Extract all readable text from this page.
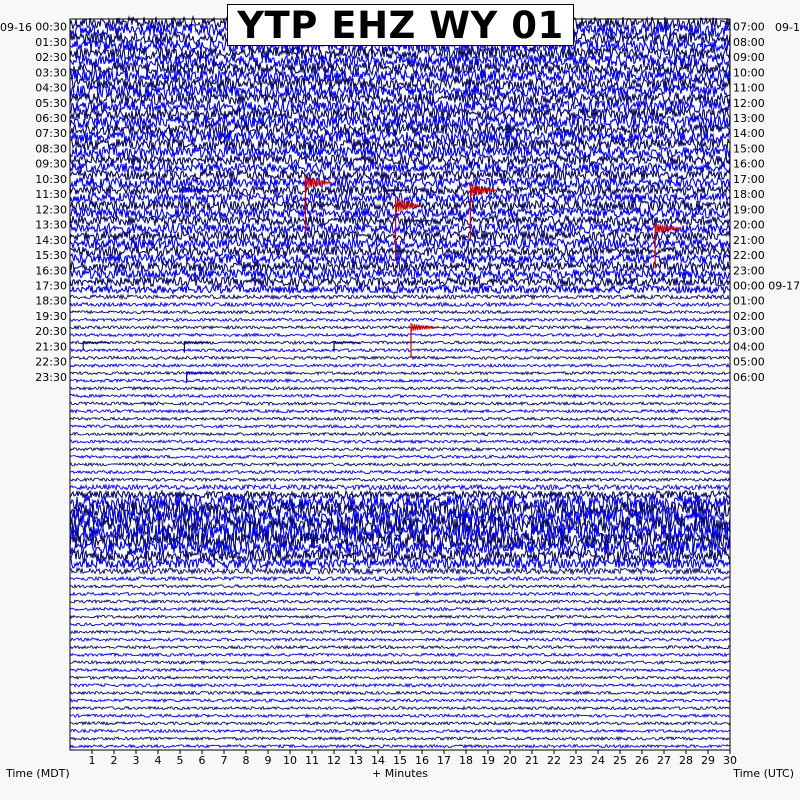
YTP EHZ WY 01
00:30
01:30
02:30
03:30
04:30
05:30
06:30
07:30
08:30
09:30
10:30
11:30
12:30
13:30
14:30
15:30
16:30
17:30
18:30
19:30
20:30
21:30
22:30
23:30
07:00
08:00
09:00
10:00
11:00
12:00
13:00
14:00
15:00
16:00
17:00
18:00
19:00
20:00
21:00
22:00
23:00
00:00 09-17
01:00
02:00
03:00
04:00
05:00
06:00
1 2 3 4 5 6 7 8 9 10 11 12 13 14 15 16 17 18 19 20 21 22 23 24 25 26 27 28 29 30
09-16	09-1
Time (MDT)	+ Minutes	Time (UTC)
